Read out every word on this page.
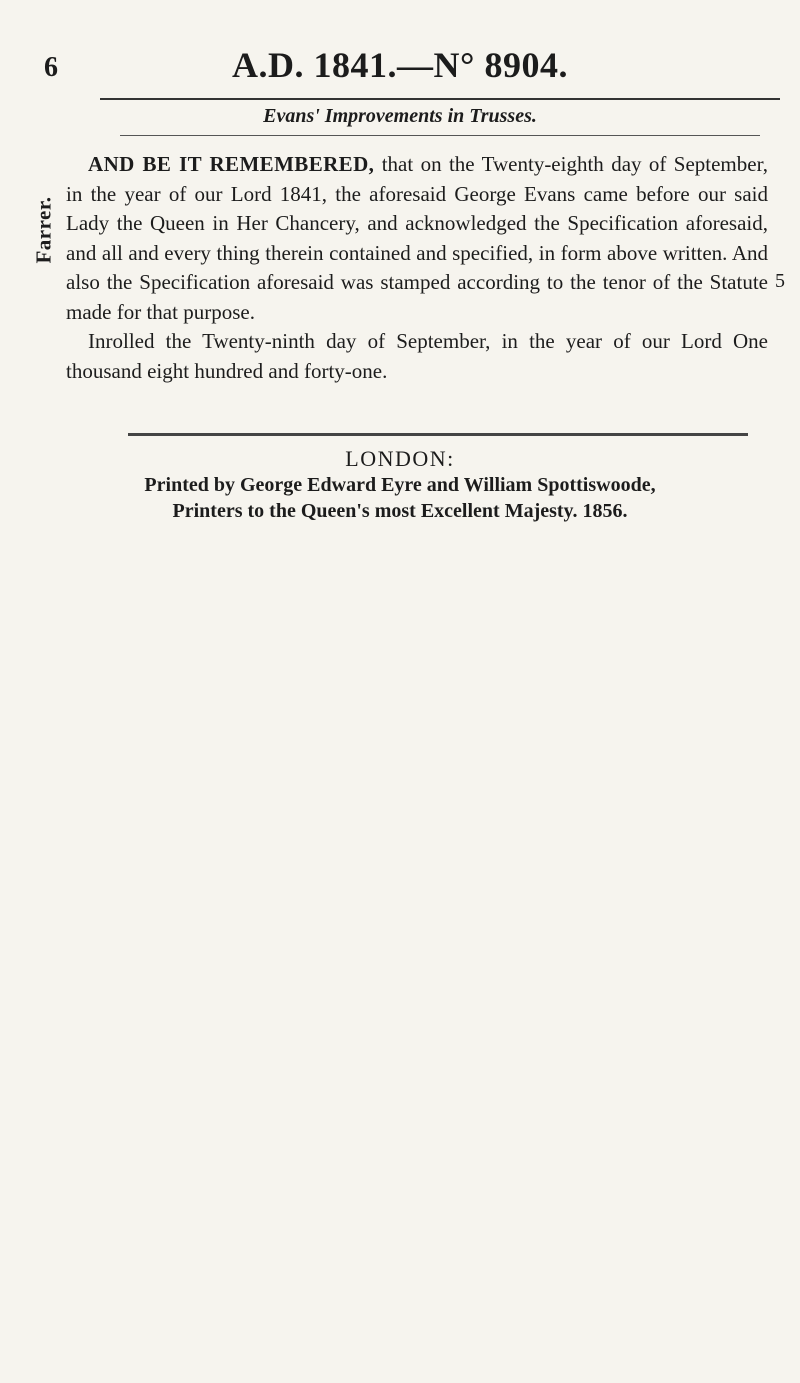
6	A.D. 1841.—N° 8904.
Evans' Improvements in Trusses.
Farrer.

AND BE IT REMEMBERED, that on the Twenty-eighth day of September, in the year of our Lord 1841, the aforesaid George Evans came before our said Lady the Queen in Her Chancery, and acknowledged the Specification aforesaid, and all and every thing therein contained and specified, in form above written. And also the Specification aforesaid was stamped according to the tenor of the Statute made for that purpose.

Inrolled the Twenty-ninth day of September, in the year of our Lord One thousand eight hundred and forty-one.

5
LONDON:
Printed by George Edward Eyre and William Spottiswoode,
Printers to the Queen's most Excellent Majesty. 1856.
